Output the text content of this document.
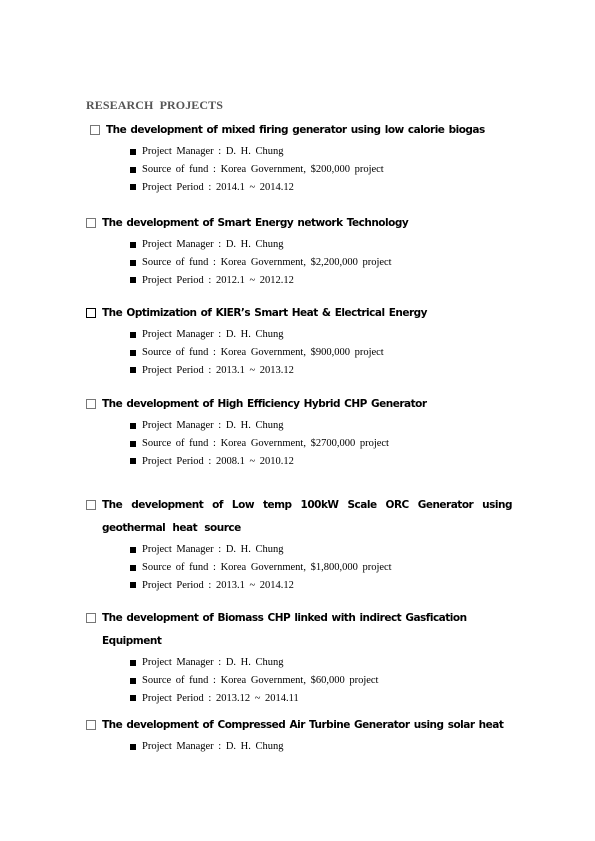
RESEARCH PROJECTS
The development of mixed firing generator using low calorie biogas
Project Manager : D. H. Chung
Source of fund : Korea Government, $200,000 project
Project Period : 2014.1 ~ 2014.12
The development of Smart Energy network Technology
Project Manager : D. H. Chung
Source of fund : Korea Government, $2,200,000 project
Project Period : 2012.1 ~ 2012.12
The Optimization of KIER’s Smart Heat & Electrical Energy
Project Manager : D. H. Chung
Source of fund : Korea Government, $900,000 project
Project Period : 2013.1 ~ 2013.12
The development of High Efficiency Hybrid CHP Generator
Project Manager : D. H. Chung
Source of fund : Korea Government, $2700,000 project
Project Period : 2008.1 ~ 2010.12
The development of Low temp 100kW Scale ORC Generator using geothermal heat source
Project Manager : D. H. Chung
Source of fund : Korea Government, $1,800,000 project
Project Period : 2013.1 ~ 2014.12
The development of Biomass CHP linked with indirect Gasfication Equipment
Project Manager : D. H. Chung
Source of fund : Korea Government, $60,000 project
Project Period : 2013.12 ~ 2014.11
The development of Compressed Air Turbine Generator using solar heat
Project Manager : D. H. Chung
